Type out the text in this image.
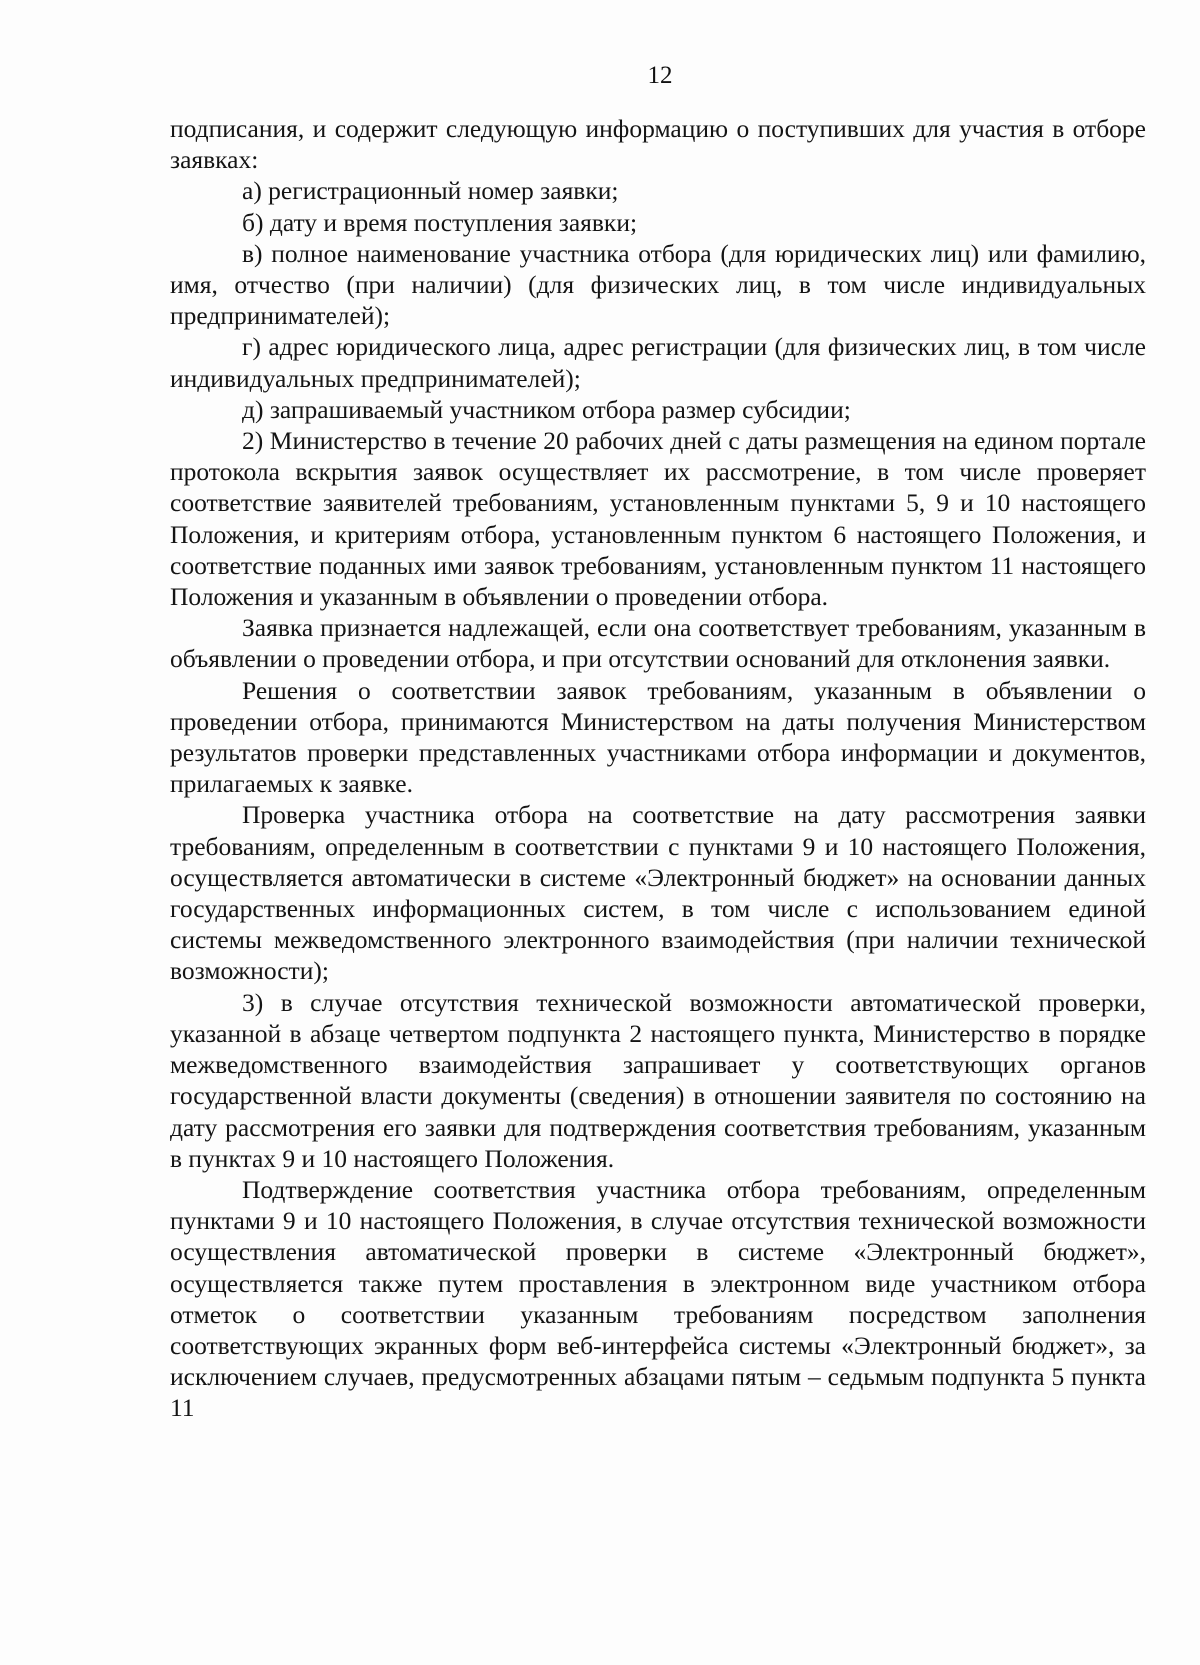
12

подписания, и содержит следующую информацию о поступивших для участия в отборе заявках:

а) регистрационный номер заявки;

б) дату и время поступления заявки;

в) полное наименование участника отбора (для юридических лиц) или фамилию, имя, отчество (при наличии) (для физических лиц, в том числе индивидуальных предпринимателей);

г) адрес юридического лица, адрес регистрации (для физических лиц, в том числе индивидуальных предпринимателей);

д) запрашиваемый участником отбора размер субсидии;

2) Министерство в течение 20 рабочих дней с даты размещения на едином портале протокола вскрытия заявок осуществляет их рассмотрение, в том числе проверяет соответствие заявителей требованиям, установленным пунктами 5, 9 и 10 настоящего Положения, и критериям отбора, установленным пунктом 6 настоящего Положения, и соответствие поданных ими заявок требованиям, установленным пунктом 11 настоящего Положения и указанным в объявлении о проведении отбора.

Заявка признается надлежащей, если она соответствует требованиям, указанным в объявлении о проведении отбора, и при отсутствии оснований для отклонения заявки.

Решения о соответствии заявок требованиям, указанным в объявлении о проведении отбора, принимаются Министерством на даты получения Министерством результатов проверки представленных участниками отбора информации и документов, прилагаемых к заявке.

Проверка участника отбора на соответствие на дату рассмотрения заявки требованиям, определенным в соответствии с пунктами 9 и 10 настоящего Положения, осуществляется автоматически в системе «Электронный бюджет» на основании данных государственных информационных систем, в том числе с использованием единой системы межведомственного электронного взаимодействия (при наличии технической возможности);

3) в случае отсутствия технической возможности автоматической проверки, указанной в абзаце четвертом подпункта 2 настоящего пункта, Министерство в порядке межведомственного взаимодействия запрашивает у соответствующих органов государственной власти документы (сведения) в отношении заявителя по состоянию на дату рассмотрения его заявки для подтверждения соответствия требованиям, указанным в пунктах 9 и 10 настоящего Положения.

Подтверждение соответствия участника отбора требованиям, определенным пунктами 9 и 10 настоящего Положения, в случае отсутствия технической возможности осуществления автоматической проверки в системе «Электронный бюджет», осуществляется также путем проставления в электронном виде участником отбора отметок о соответствии указанным требованиям посредством заполнения соответствующих экранных форм веб-интерфейса системы «Электронный бюджет», за исключением случаев, предусмотренных абзацами пятым – седьмым подпункта 5 пункта 11
